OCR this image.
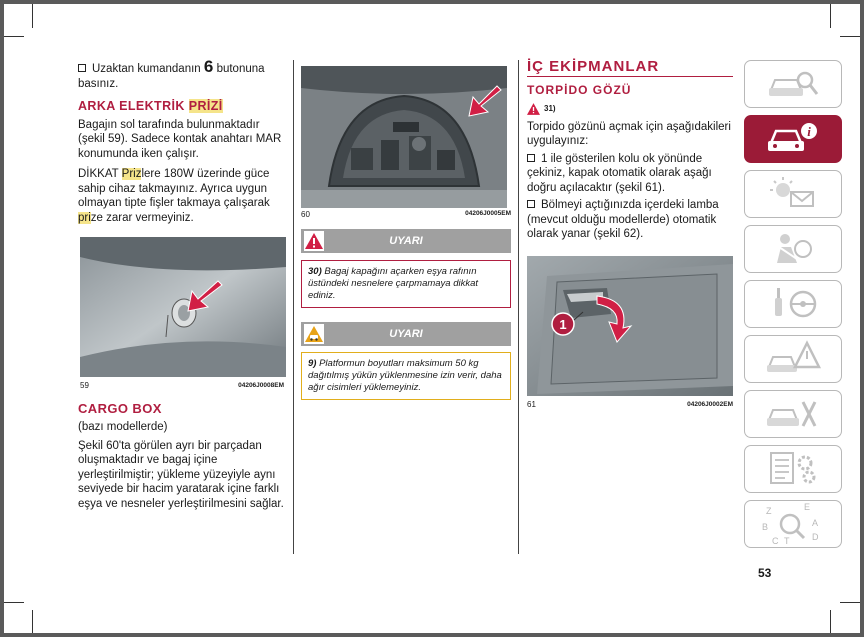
Uzaktan kumandanın 6 butonuna basınız.

ARKA ELEKTRİK PRİZİ

Bagajın sol tarafında bulunmaktadır (şekil 59). Sadece kontak anahtarı MAR konumunda iken çalışır.

DİKKAT Prizlere 180W üzerinde güce sahip cihaz takmayınız. Ayrıca uygun olmayan tipte fişler takmaya çalışarak prize zarar vermeyiniz.

59	04206J0008EM
CARGO BOX

(bazı modellerde)

Şekil 60'ta görülen ayrı bir parçadan oluşmaktadır ve bagaj içine yerleştirilmiştir; yükleme yüzeyiyle aynı seviyede bir hacim yaratarak içine farklı eşya ve nesneler yerleştirilmesini sağlar.

60	04206J0005EM
UYARI
30) Bagaj kapağını açarken eşya rafının üstündeki nesnelere çarpmamaya dikkat ediniz.
UYARI
9) Platformun boyutları maksimum 50 kg dağıtılmış yükün yüklenmesine izin verir, daha ağır cisimleri yüklemeyiniz.
İÇ EKİPMANLAR
TORPİDO GÖZÜ
31)

Torpido gözünü açmak için aşağıdakileri uygulayınız:

1 ile gösterilen kolu ok yönünde çekiniz, kapak otomatik olarak aşağı doğru açılacaktır (şekil 61).

Bölmeyi açtığınızda içerdeki lamba (mevcut olduğu modellerde) otomatik olarak yanar (şekil 62).

1
61	04206J0002EM
i
Z	E
B	A
C T	D
53
